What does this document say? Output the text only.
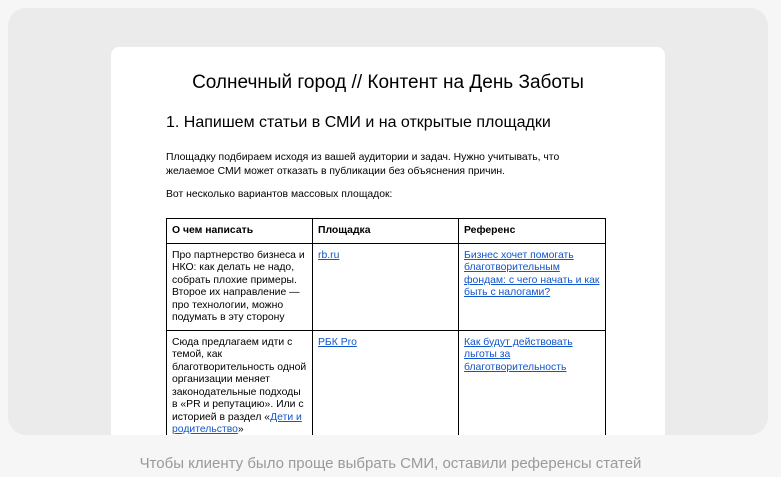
Солнечный город // Контент на День Заботы
1. Напишем статьи в СМИ и на открытые площадки

Площадку подбираем исходя из вашей аудитории и задач. Нужно учитывать, что желаемое СМИ может отказать в публикации без объяснения причин.

Вот несколько вариантов массовых площадок:

О чем написать	Площадка	Референс
Про партнерство бизнеса и НКО: как делать не надо, собрать плохие примеры. Второе их направление — про технологии, можно подумать в эту сторону	rb.ru	Бизнес хочет помогать благотворительным фондам: с чего начать и как быть с налогами?
Сюда предлагаем идти с темой, как благотворительность одной организации меняет законодательные подходы в «PR и репутацию». Или с историей в раздел «Дети и родительство»	РБК Pro	Как будут действовать льготы за благотворительность
Чтобы клиенту было проще выбрать СМИ, оставили референсы статей
